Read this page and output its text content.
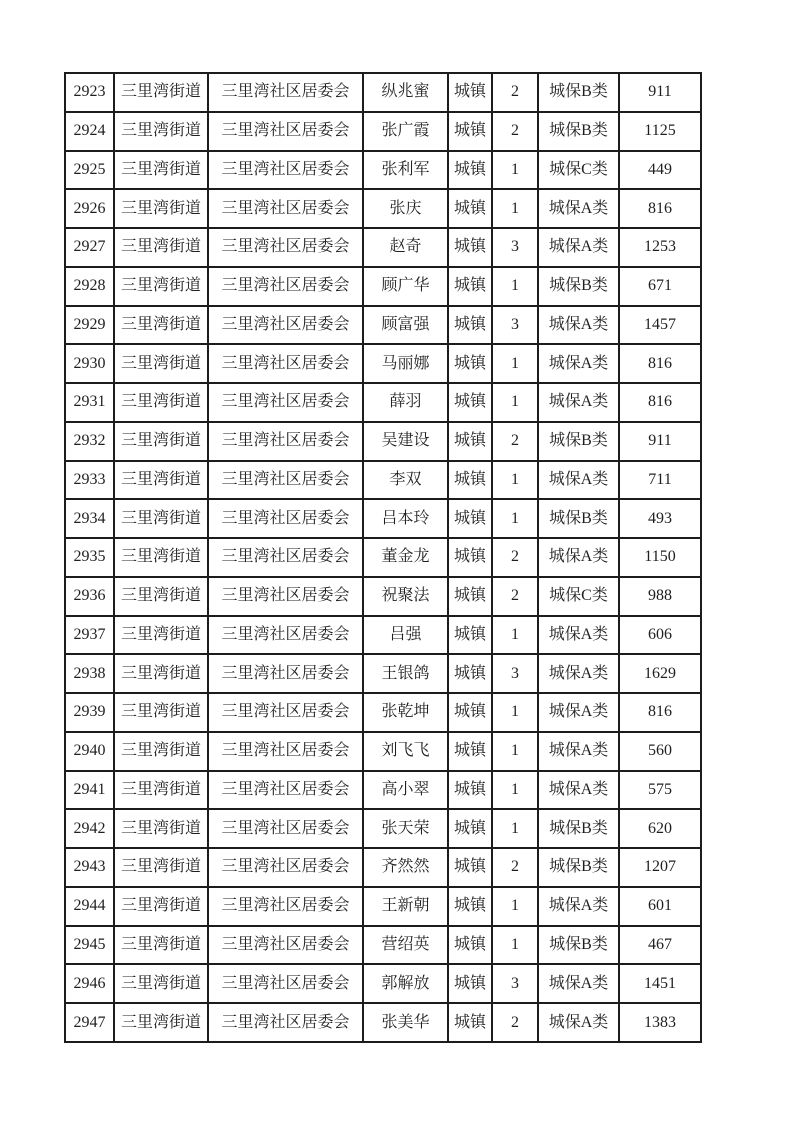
2923	三里湾街道	三里湾社区居委会	纵兆蜜	城镇	2	城保B类	911
2924	三里湾街道	三里湾社区居委会	张广霞	城镇	2	城保B类	1125
2925	三里湾街道	三里湾社区居委会	张利军	城镇	1	城保C类	449
2926	三里湾街道	三里湾社区居委会	张庆	城镇	1	城保A类	816
2927	三里湾街道	三里湾社区居委会	赵奇	城镇	3	城保A类	1253
2928	三里湾街道	三里湾社区居委会	顾广华	城镇	1	城保B类	671
2929	三里湾街道	三里湾社区居委会	顾富强	城镇	3	城保A类	1457
2930	三里湾街道	三里湾社区居委会	马丽娜	城镇	1	城保A类	816
2931	三里湾街道	三里湾社区居委会	薛羽	城镇	1	城保A类	816
2932	三里湾街道	三里湾社区居委会	吴建设	城镇	2	城保B类	911
2933	三里湾街道	三里湾社区居委会	李双	城镇	1	城保A类	711
2934	三里湾街道	三里湾社区居委会	吕本玲	城镇	1	城保B类	493
2935	三里湾街道	三里湾社区居委会	董金龙	城镇	2	城保A类	1150
2936	三里湾街道	三里湾社区居委会	祝聚法	城镇	2	城保C类	988
2937	三里湾街道	三里湾社区居委会	吕强	城镇	1	城保A类	606
2938	三里湾街道	三里湾社区居委会	王银鸽	城镇	3	城保A类	1629
2939	三里湾街道	三里湾社区居委会	张乾坤	城镇	1	城保A类	816
2940	三里湾街道	三里湾社区居委会	刘飞飞	城镇	1	城保A类	560
2941	三里湾街道	三里湾社区居委会	高小翠	城镇	1	城保A类	575
2942	三里湾街道	三里湾社区居委会	张天荣	城镇	1	城保B类	620
2943	三里湾街道	三里湾社区居委会	齐然然	城镇	2	城保B类	1207
2944	三里湾街道	三里湾社区居委会	王新朝	城镇	1	城保A类	601
2945	三里湾街道	三里湾社区居委会	营绍英	城镇	1	城保B类	467
2946	三里湾街道	三里湾社区居委会	郭解放	城镇	3	城保A类	1451
2947	三里湾街道	三里湾社区居委会	张美华	城镇	2	城保A类	1383
